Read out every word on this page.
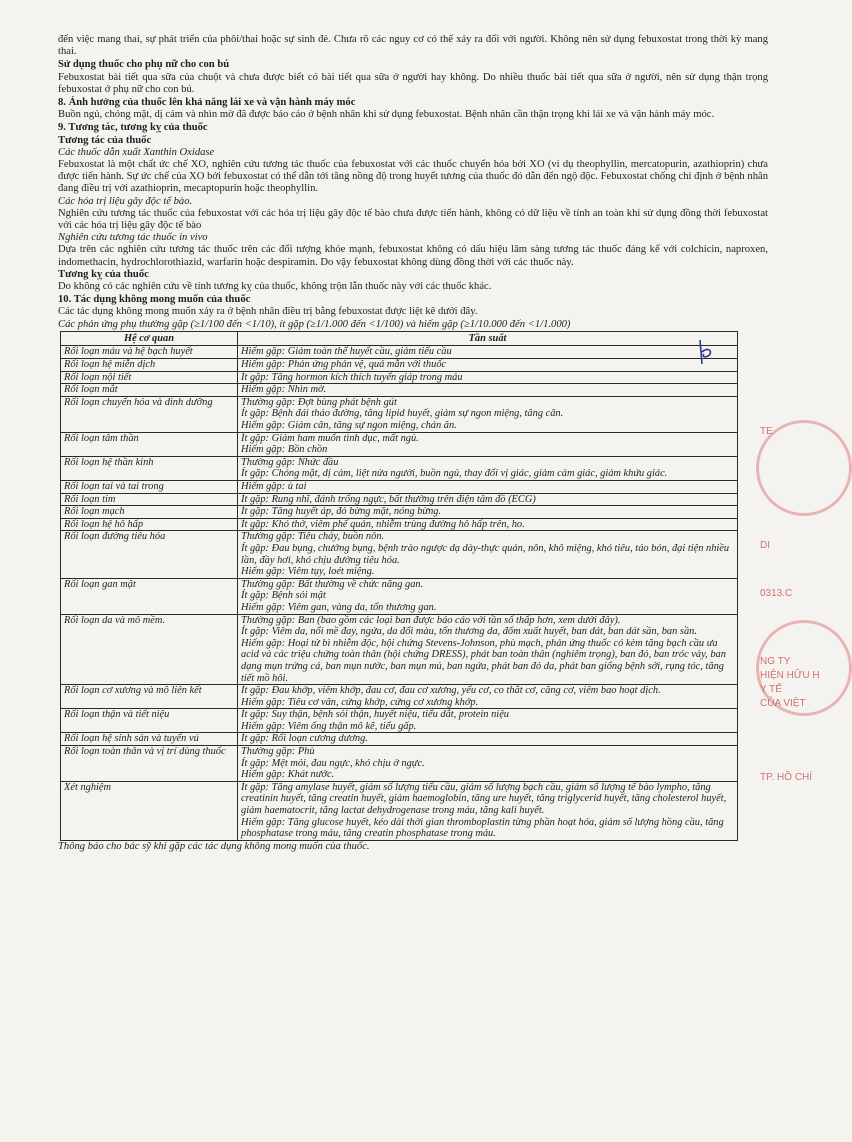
đến việc mang thai, sự phát triển của phôi/thai hoặc sự sinh đẻ. Chưa rõ các nguy cơ có thể xảy ra đối với người. Không nên sử dụng febuxostat trong thời kỳ mang thai.

Sử dụng thuốc cho phụ nữ cho con bú

Febuxostat bài tiết qua sữa của chuột và chưa được biết có bài tiết qua sữa ở người hay không. Do nhiều thuốc bài tiết qua sữa ở người, nên sử dụng thận trọng febuxostat ở phụ nữ cho con bú.

8. Ảnh hưởng của thuốc lên khả năng lái xe và vận hành máy móc

Buồn ngủ, chóng mặt, dị cảm và nhìn mờ đã được báo cáo ở bệnh nhân khi sử dụng febuxostat. Bệnh nhân cần thận trọng khi lái xe và vận hành máy móc.

9. Tương tác, tương kỵ của thuốc

Tương tác của thuốc

Các thuốc dẫn xuất Xanthin Oxidase

Febuxostat là một chất ức chế XO, nghiên cứu tương tác thuốc của febuxostat với các thuốc chuyển hóa bởi XO (ví dụ theophyllin, mercatopurin, azathioprin) chưa được tiến hành. Sự ức chế của XO bởi febuxostat có thể dẫn tới tăng nồng độ trong huyết tương của thuốc đó dẫn đến ngộ độc. Febuxostat chống chỉ định ở bệnh nhân đang điều trị với azathioprin, mecaptopurin hoặc theophyllin.

Các hóa trị liệu gây độc tế bào.

Nghiên cứu tương tác thuốc của febuxostat với các hóa trị liệu gây độc tế bào chưa được tiến hành, không có dữ liệu về tính an toàn khi sử dụng đồng thời febuxostat với các hóa trị liệu gây độc tế bào

Nghiên cứu tương tác thuốc in vivo

Dựa trên các nghiên cứu tương tác thuốc trên các đối tượng khỏe mạnh, febuxostat không có dấu hiệu lâm sàng tương tác thuốc đáng kể với colchicin, naproxen, indomethacin, hydrochlorothiazid, warfarin hoặc despiramin. Do vậy febuxostat không dùng đồng thời với các thuốc này.

Tương kỵ của thuốc

Do không có các nghiên cứu về tính tương kỵ của thuốc, không trộn lẫn thuốc này với các thuốc khác.

10. Tác dụng không mong muốn của thuốc

Các tác dụng không mong muốn xảy ra ở bệnh nhân điều trị bằng febuxostat được liệt kê dưới đây.

Các phản ứng phụ thường gặp (≥1/100 đến <1/10), ít gặp (≥1/1.000 đến <1/100) và hiếm gặp (≥1/10.000 đến <1/1.000)

Hệ cơ quan	Tần suất
Rối loạn máu và hệ bạch huyết	Hiếm gặp: Giảm toàn thể huyết cầu, giảm tiểu cầu

Rối loạn hệ miễn dịch	Hiếm gặp: Phản ứng phản vệ, quá mẫn với thuốc

Rối loạn nội tiết	Ít gặp: Tăng hormon kích thích tuyến giáp trong máu

Rối loạn mắt	Hiếm gặp: Nhìn mờ.

Rối loạn chuyển hóa và dinh dưỡng	Thường gặp: Đợt bùng phát bệnh gút
Ít gặp: Bệnh đái tháo đường, tăng lipid huyết, giảm sự ngon miệng, tăng cân.
Hiếm gặp: Giảm cân, tăng sự ngon miệng, chán ăn.

Rối loạn tâm thần	Ít gặp: Giảm ham muốn tình dục, mất ngủ.
Hiếm gặp: Bồn chồn

Rối loạn hệ thần kinh	Thường gặp: Nhức đầu
Ít gặp: Chóng mặt, dị cảm, liệt nửa người, buồn ngủ, thay đổi vị giác, giảm cảm giác, giảm khứu giác.

Rối loạn tai và tai trong	Hiếm gặp: ù tai

Rối loạn tim	Ít gặp: Rung nhĩ, đánh trống ngực, bất thường trên điện tâm đồ (ECG)

Rối loạn mạch	Ít gặp: Tăng huyết áp, đỏ bừng mặt, nóng bừng.

Rối loạn hệ hô hấp	Ít gặp: Khó thở, viêm phế quản, nhiễm trùng đường hô hấp trên, ho.

Rối loạn đường tiêu hóa	Thường gặp: Tiêu chảy, buồn nôn.
Ít gặp: Đau bụng, chướng bụng, bệnh trào ngược dạ dày-thực quản, nôn, khô miệng, khó tiêu, táo bón, đại tiện nhiều lần, đầy hơi, khó chịu đường tiêu hóa.
Hiếm gặp: Viêm tụy, loét miệng.

Rối loạn gan mật	Thường gặp: Bất thường về chức năng gan.
Ít gặp: Bệnh sỏi mật
Hiếm gặp: Viêm gan, vàng da, tổn thương gan.

Rối loạn da và mô mềm.	Thường gặp: Ban (bao gồm các loại ban được báo cáo với tần số thấp hơn, xem dưới đây).
Ít gặp: Viêm da, nổi mề đay, ngứa, da đổi màu, tổn thương da, đốm xuất huyết, ban dát, ban dát sần, ban sần.
Hiếm gặp: Hoại tử bì nhiễm độc, hội chứng Stevens-Johnson, phù mạch, phản ứng thuốc có kèm tăng bạch cầu ưa acid và các triệu chứng toàn thân (hội chứng DRESS), phát ban toàn thân (nghiêm trọng), ban đỏ, ban tróc vảy, ban dạng mụn trứng cá, ban mụn nước, ban mụn mủ, ban ngứa, phát ban đỏ da, phát ban giống bệnh sởi, rụng tóc, tăng tiết mồ hôi.

Rối loạn cơ xương và mô liên kết	Ít gặp: Đau khớp, viêm khớp, đau cơ, đau cơ xương, yếu cơ, co thắt cơ, căng cơ, viêm bao hoạt dịch.
Hiếm gặp: Tiêu cơ vân, cứng khớp, cứng cơ xương khớp.

Rối loạn thận và tiết niệu	Ít gặp: Suy thận, bệnh sỏi thận, huyết niệu, tiểu dắt, protein niệu
Hiếm gặp: Viêm ống thận mô kẽ, tiểu gấp.

Rối loạn hệ sinh sản và tuyến vú	Ít gặp: Rối loạn cương dương.

Rối loạn toàn thân và vị trí dùng thuốc	Thường gặp: Phù
Ít gặp: Mệt mỏi, đau ngực, khó chịu ở ngực.
Hiếm gặp: Khát nước.

Xét nghiệm	Ít gặp: Tăng amylase huyết, giảm số lượng tiểu cầu, giảm số lượng bạch cầu, giảm số lượng tế bào lympho, tăng creatinin huyết, tăng creatin huyết, giảm haemoglobin, tăng ure huyết, tăng triglycerid huyết, tăng cholesterol huyết, giảm haematocrit, tăng lactat dehydrogenase trong máu, tăng kali huyết.
Hiếm gặp: Tăng glucose huyết, kéo dài thời gian thromboplastin từng phần hoạt hóa, giảm số lượng hồng cầu, tăng phosphatase trong máu, tăng creatin phosphatase trong máu.

Thông báo cho bác sỹ khi gặp các tác dụng không mong muốn của thuốc.

TE
DI
0313.C
NG TY
HIỆN HỮU H
Y TẾ
CỦA VIỆT
TP. HỒ CHÍ
